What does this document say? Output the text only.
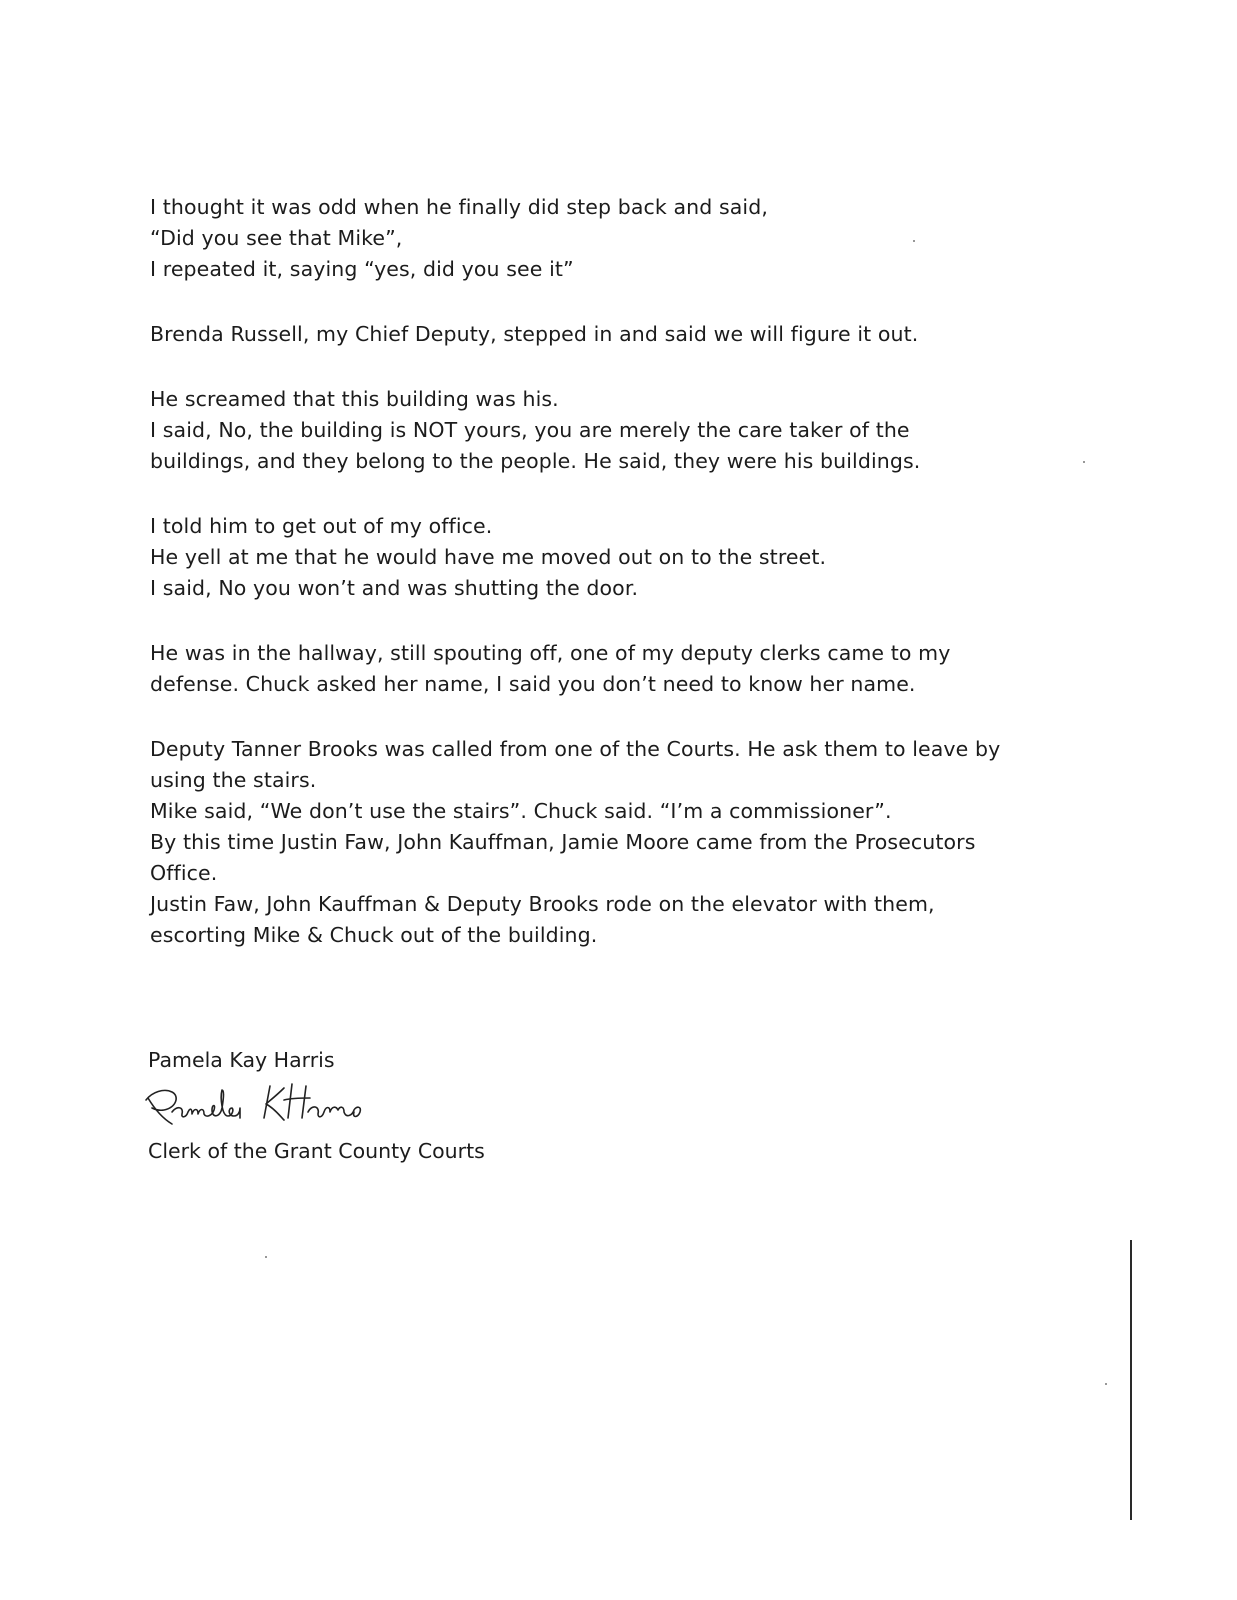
I thought it was odd when he finally did step back and said,
“Did you see that Mike”,
I repeated it, saying “yes, did you see it”

Brenda Russell, my Chief Deputy, stepped in and said we will figure it out.

He screamed that this building was his.
I said, No, the building is NOT yours, you are merely the care taker of the
buildings, and they belong to the people. He said, they were his buildings.

I told him to get out of my office.
He yell at me that he would have me moved out on to the street.
I said, No you won’t and was shutting the door.

He was in the hallway, still spouting off, one of my deputy clerks came to my
defense. Chuck asked her name, I said you don’t need to know her name.

Deputy Tanner Brooks was called from one of the Courts. He ask them to leave by
using the stairs.
Mike said, “We don’t use the stairs”. Chuck said. “I’m a commissioner”.
By this time Justin Faw, John Kauffman, Jamie Moore came from the Prosecutors
Office.
Justin Faw, John Kauffman & Deputy Brooks rode on the elevator with them,
escorting Mike & Chuck out of the building.

Pamela Kay Harris
Clerk of the Grant County Courts
